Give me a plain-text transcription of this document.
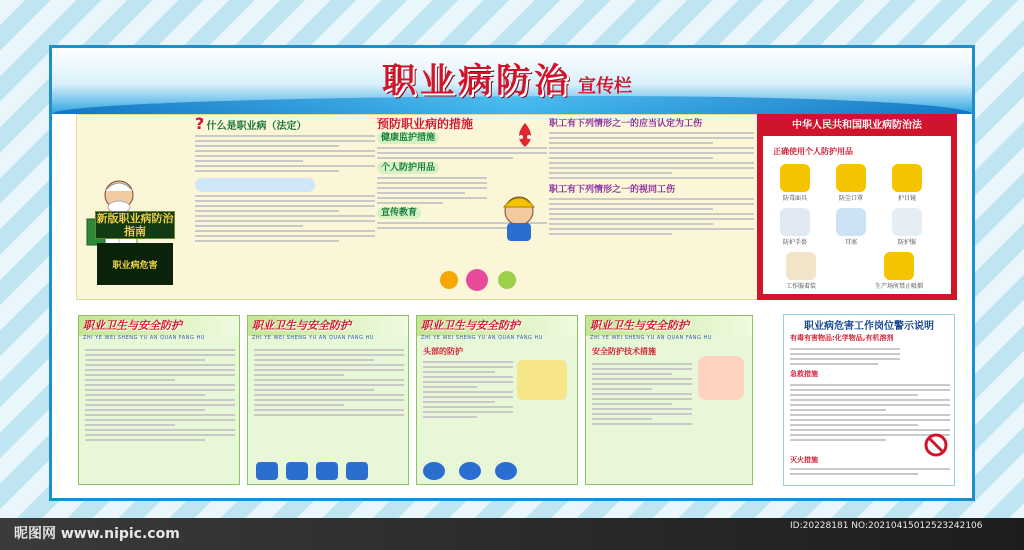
职业病防治 宣传栏
新版职业病防治指南
职业病危害
? 什么是职业病（法定）	预防职业病的措施
健康监护措施
个人防护用品
宣传教育
职工有下列情形之一的应当认定为工伤
职工有下列情形之一的视同工伤
中华人民共和国职业病防治法
正确使用个人防护用品
防毒面具	防尘口罩	护目镜
防护手套	耳塞	防护服
工作服着装	生产场所禁止吸烟
职业卫生与安全防护
ZHI YE WEI SHENG YU AN QUAN FANG HU
职业卫生与安全防护
ZHI YE WEI SHENG YU AN QUAN FANG HU
职业卫生与安全防护
ZHI YE WEI SHENG YU AN QUAN FANG HU
头部的防护
职业卫生与安全防护
ZHI YE WEI SHENG YU AN QUAN FANG HU
安全防护技术措施
职业病危害工作岗位警示说明
有毒有害物品:化学物品,有机溶剂
急救措施
灭火措施
昵图网 www.nipic.com	ID:20228181 NO:20210415012523242106
